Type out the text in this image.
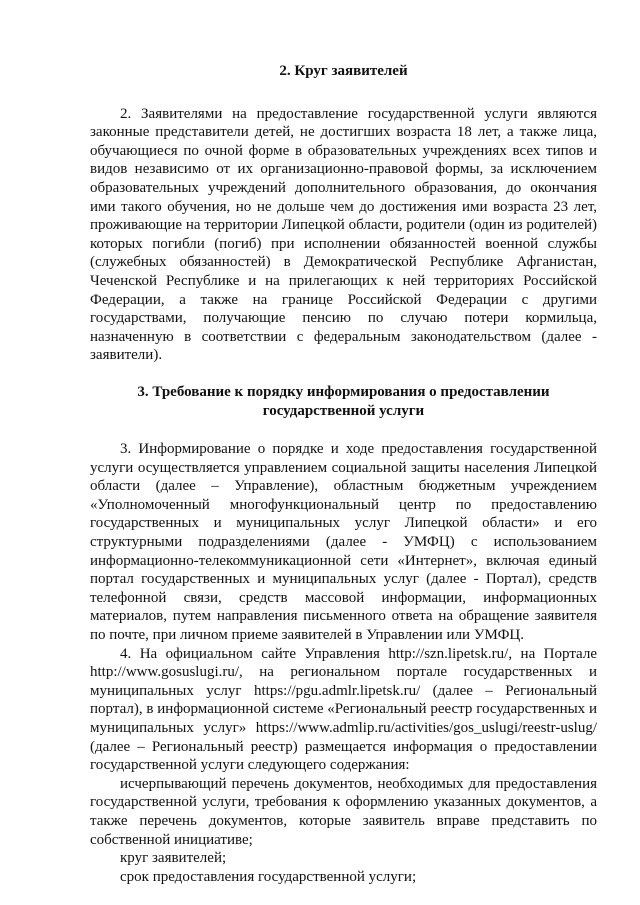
2. Круг заявителей

2. Заявителями на предоставление государственной услуги являются законные представители детей, не достигших возраста 18 лет, а также лица, обучающиеся по очной форме в образовательных учреждениях всех типов и видов независимо от их организационно-правовой формы, за исключением образовательных учреждений дополнительного образования, до окончания ими такого обучения, но не дольше чем до достижения ими возраста 23 лет, проживающие на территории Липецкой области, родители (один из родителей) которых погибли (погиб) при исполнении обязанностей военной службы (служебных обязанностей) в Демократической Республике Афганистан, Чеченской Республике и на прилегающих к ней территориях Российской Федерации, а также на границе Российской Федерации с другими государствами, получающие пенсию по случаю потери кормильца, назначенную в соответствии с федеральным законодательством (далее - заявители).

3. Требование к порядку информирования о предоставлении государственной услуги

3. Информирование о порядке и ходе предоставления государственной услуги осуществляется управлением социальной защиты населения Липецкой области (далее – Управление), областным бюджетным учреждением «Уполномоченный многофункциональный центр по предоставлению государственных и муниципальных услуг Липецкой области» и его структурными подразделениями (далее - УМФЦ) с использованием информационно-телекоммуникационной сети «Интернет», включая единый портал государственных и муниципальных услуг (далее - Портал), средств телефонной связи, средств массовой информации, информационных материалов, путем направления письменного ответа на обращение заявителя по почте, при личном приеме заявителей в Управлении или УМФЦ.

4. На официальном сайте Управления http://szn.lipetsk.ru/, на Портале http://www.gosuslugi.ru/, на региональном портале государственных и муниципальных услуг https://pgu.admlr.lipetsk.ru/ (далее – Региональный портал), в информационной системе «Региональный реестр государственных и муниципальных услуг» https://www.admlip.ru/activities/gos_uslugi/reestr-uslug/ (далее – Региональный реестр) размещается информация о предоставлении государственной услуги следующего содержания:

исчерпывающий перечень документов, необходимых для предоставления государственной услуги, требования к оформлению указанных документов, а также перечень документов, которые заявитель вправе представить по собственной инициативе;

круг заявителей;

срок предоставления государственной услуги;
